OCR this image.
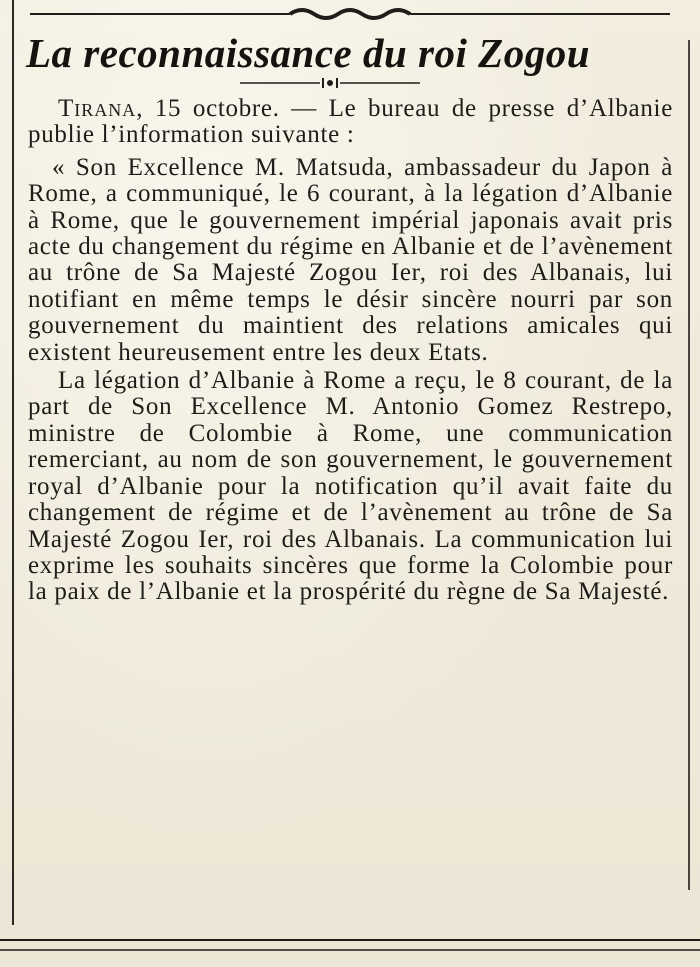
La reconnaissance du roi Zogou

Tirana, 15 octobre. — Le bureau de presse d’Albanie publie l’information suivante :

« Son Excellence M. Matsuda, ambassadeur du Japon à Rome, a communiqué, le 6 courant, à la légation d’Albanie à Rome, que le gouvernement impérial japonais avait pris acte du changement du régime en Albanie et de l’avènement au trône de Sa Majesté Zogou Ier, roi des Albanais, lui notifiant en même temps le désir sincère nourri par son gouvernement du maintient des relations amicales qui existent heureusement entre les deux Etats.

La légation d’Albanie à Rome a reçu, le 8 courant, de la part de Son Excellence M. Antonio Gomez Restrepo, ministre de Colombie à Rome, une communication remerciant, au nom de son gouvernement, le gouvernement royal d’Albanie pour la notification qu’il avait faite du changement de régime et de l’avènement au trône de Sa Majesté Zogou Ier, roi des Albanais. La communication lui exprime les souhaits sincères que forme la Colombie pour la paix de l’Albanie et la prospérité du règne de Sa Majesté.
